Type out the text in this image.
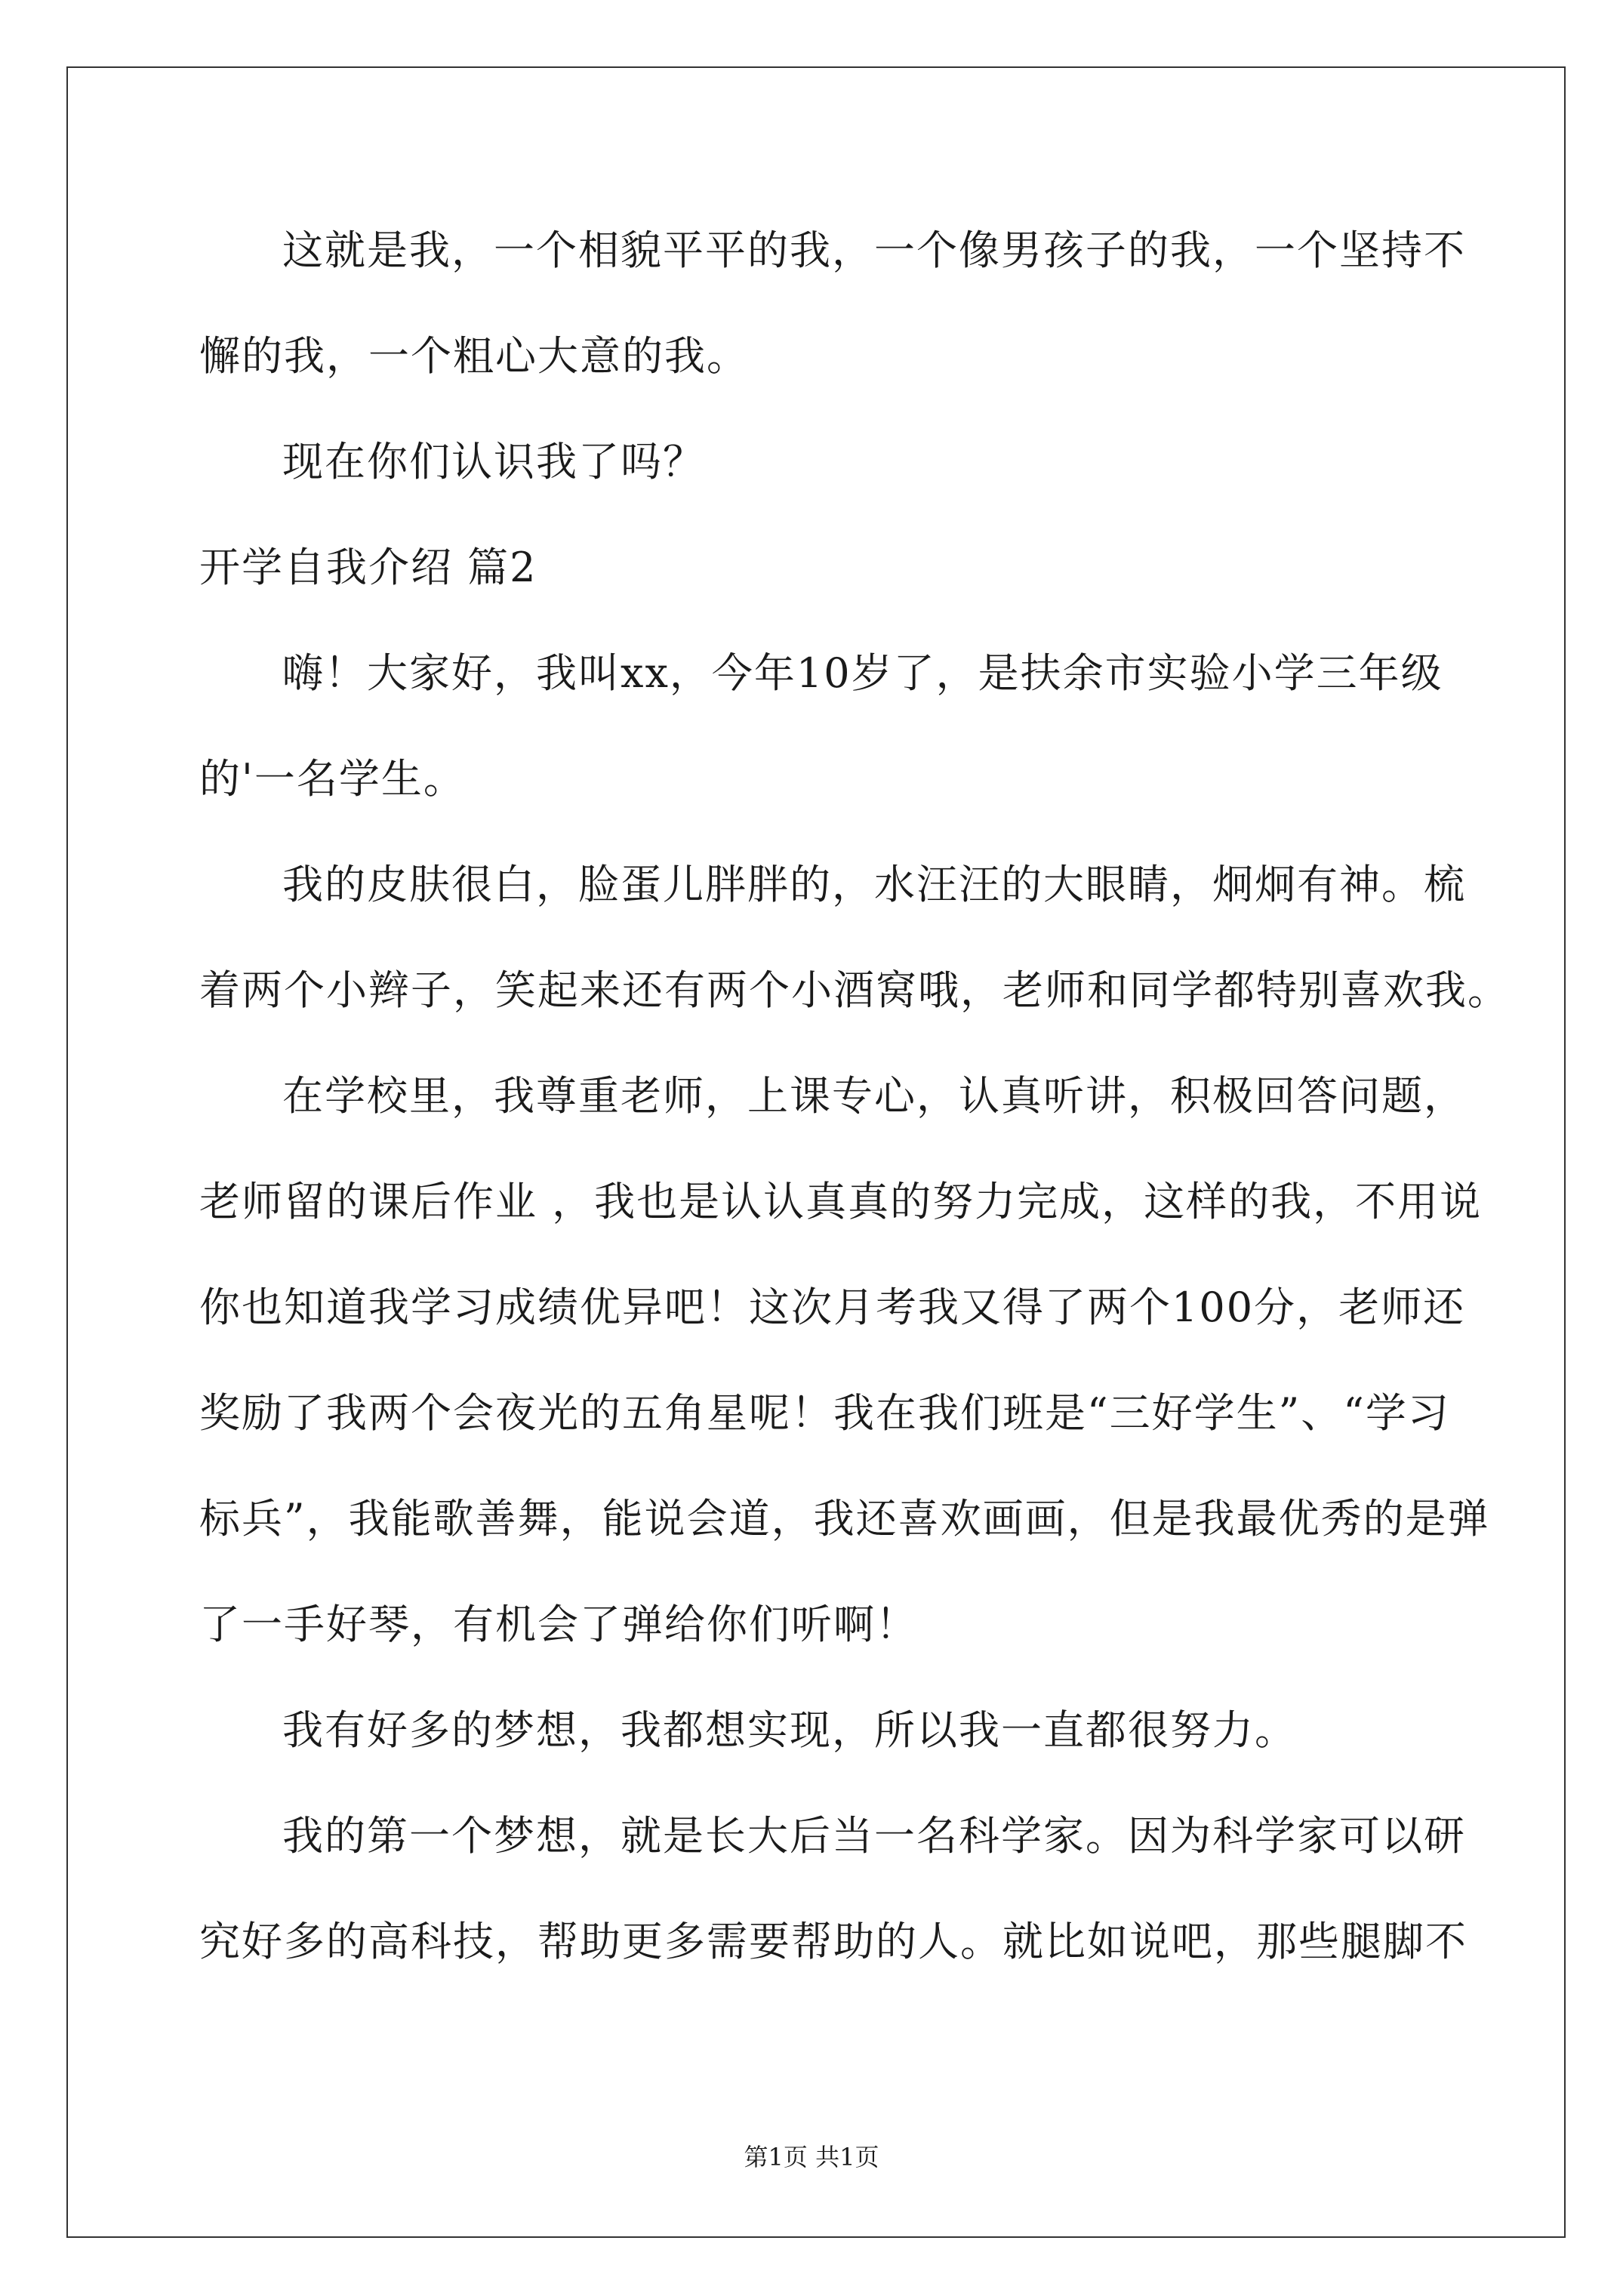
这就是我，一个相貌平平的我，一个像男孩子的我，一个坚持不
懈的我，一个粗心大意的我。
现在你们认识我了吗？
开学自我介绍 篇2
嗨！大家好，我叫xx，今年10岁了，是扶余市实验小学三年级
的'一名学生。
我的皮肤很白，脸蛋儿胖胖的，水汪汪的大眼睛，炯炯有神。梳
着两个小辫子，笑起来还有两个小酒窝哦，老师和同学都特别喜欢我。
在学校里，我尊重老师，上课专心，认真听讲，积极回答问题，
老师留的课后作业 ，我也是认认真真的努力完成，这样的我，不用说
你也知道我学习成绩优异吧！这次月考我又得了两个100分，老师还
奖励了我两个会夜光的五角星呢！我在我们班是“三好学生”、“学习
标兵”，我能歌善舞，能说会道，我还喜欢画画，但是我最优秀的是弹
了一手好琴，有机会了弹给你们听啊！
我有好多的梦想，我都想实现，所以我一直都很努力。
我的第一个梦想，就是长大后当一名科学家。因为科学家可以研
究好多的高科技，帮助更多需要帮助的人。就比如说吧，那些腿脚不
第1页 共1页
